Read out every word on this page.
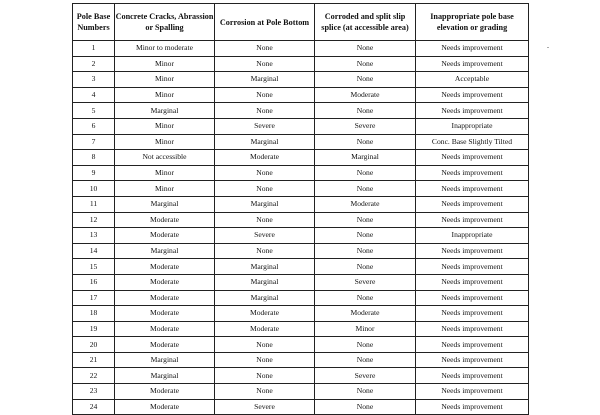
Pole Base Numbers	Concrete Cracks, Abrassion or Spalling	Corrosion at Pole Bottom	Corroded and split slip splice (at accessible area)	Inappropriate pole base elevation or grading
1	Minor to moderate	None	None	Needs improvement
2	Minor	None	None	Needs improvement
3	Minor	Marginal	None	Acceptable
4	Minor	None	Moderate	Needs improvement
5	Marginal	None	None	Needs improvement
6	Minor	Severe	Severe	Inappropriate
7	Minor	Marginal	None	Conc. Base Slightly Tilted
8	Not accessible	Moderate	Marginal	Needs improvement
9	Minor	None	None	Needs improvement
10	Minor	None	None	Needs improvement
11	Marginal	Marginal	Moderate	Needs improvement
12	Moderate	None	None	Needs improvement
13	Moderate	Severe	None	Inappropriate
14	Marginal	None	None	Needs improvement
15	Moderate	Marginal	None	Needs improvement
16	Moderate	Marginal	Severe	Needs improvement
17	Moderate	Marginal	None	Needs improvement
18	Moderate	Moderate	Moderate	Needs improvement
19	Moderate	Moderate	Minor	Needs improvement
20	Moderate	None	None	Needs improvement
21	Marginal	None	None	Needs improvement
22	Marginal	None	Severe	Needs improvement
23	Moderate	None	None	Needs improvement
24	Moderate	Severe	None	Needs improvement
